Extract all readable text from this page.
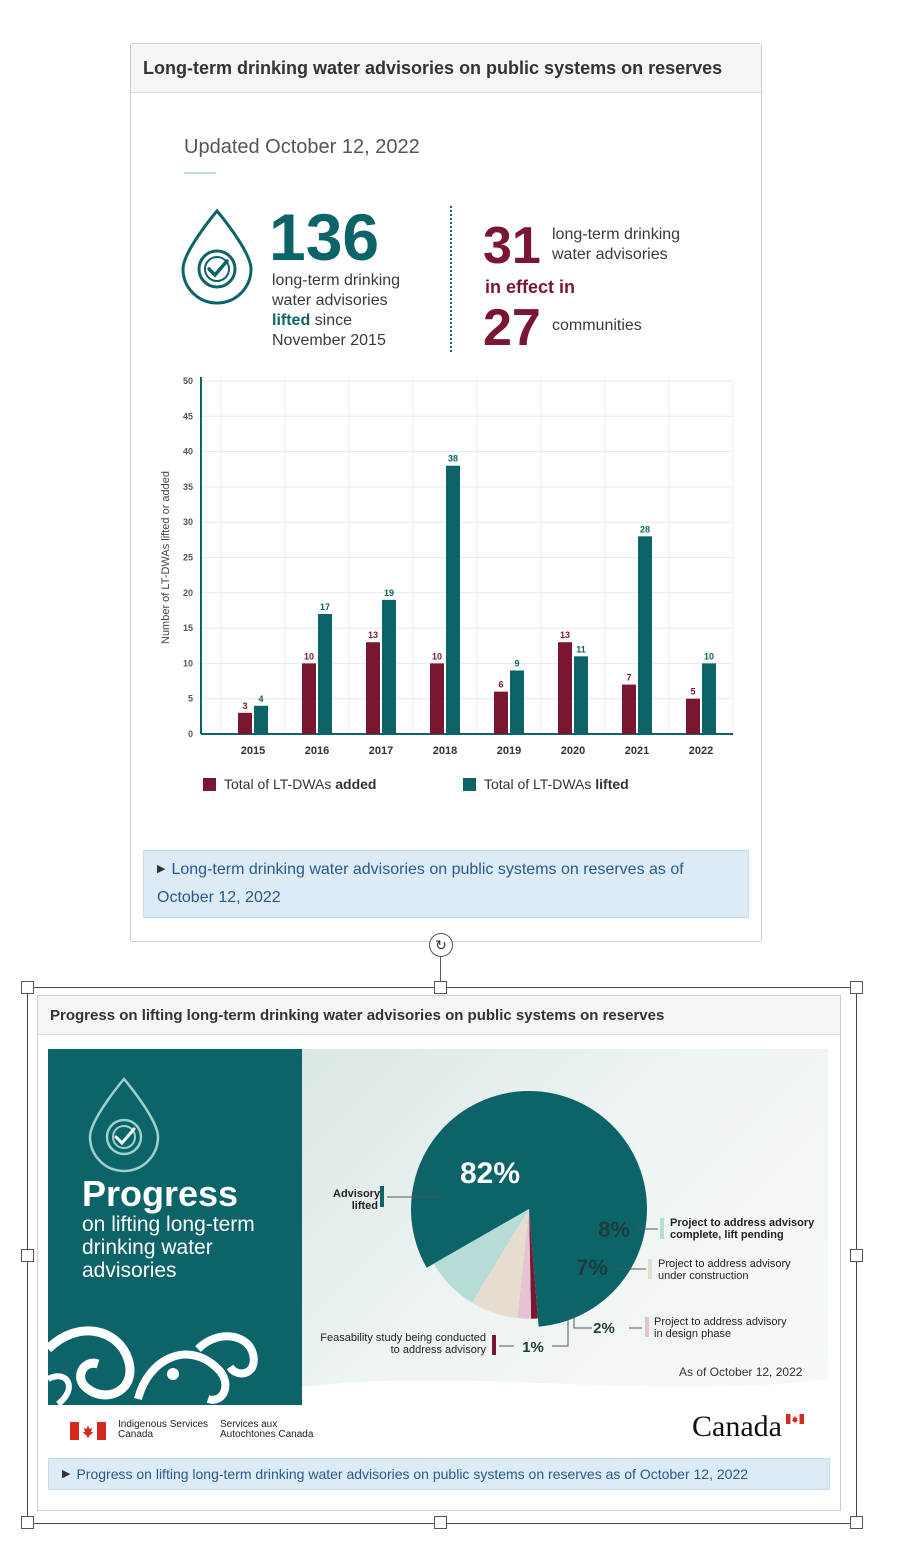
Long-term drinking water advisories on public systems on reserves
Updated October 12, 2022
136
long-term drinking
water advisories
lifted since
November 2015
31 long-term drinking
water advisories
in effect in
27 communities
0
5
10
15
20
25
30
35
40
45
50
Number of LT-DWAs lifted or added
3
4
2015
10
17
2016
13
19
2017
10
38
2018
6
9
2019
13
11
2020
7
28
2021
5
10
2022
Total of LT-DWAs added	Total of LT-DWAs lifted
▶ Long-term drinking water advisories on public systems on reserves as of October 12, 2022
↻
Progress on lifting long-term drinking water advisories on public systems on reserves
Progress
on lifting long-term drinking water advisories
82%
8%
7%
2%
1%
Advisory
lifted
Project to address advisory
complete, lift pending
Project to address advisory
under construction
Project to address advisory
in design phase
Feasability study being conducted
to address advisory
As of October 12, 2022
Indigenous Services
Canada
Services aux
Autochtones Canada	Canada
▶ Progress on lifting long-term drinking water advisories on public systems on reserves as of October 12, 2022
